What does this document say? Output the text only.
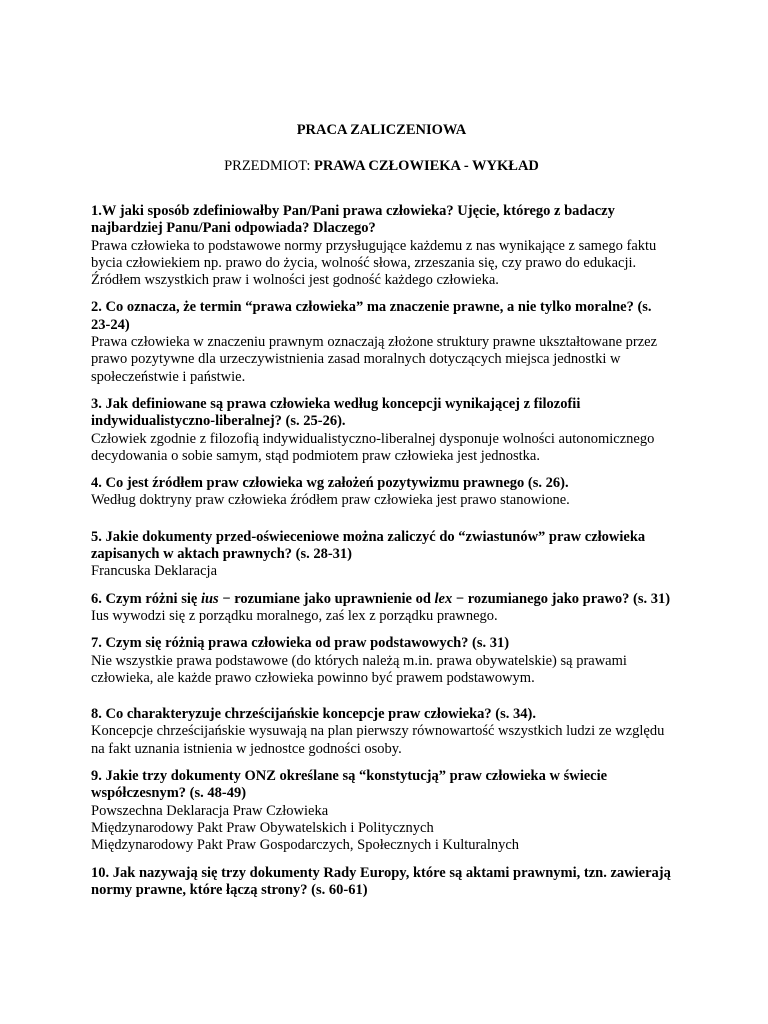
PRACA ZALICZENIOWA

PRZEDMIOT: PRAWA CZŁOWIEKA - WYKŁAD

1.W jaki sposób zdefiniowałby Pan/Pani prawa człowieka? Ujęcie, którego z badaczy najbardziej Panu/Pani odpowiada? Dlaczego?
Prawa człowieka to podstawowe normy przysługujące każdemu z nas wynikające z samego faktu bycia człowiekiem np. prawo do życia, wolność słowa, zrzeszania się, czy prawo do edukacji. Źródłem wszystkich praw i wolności jest godność każdego człowieka.
2. Co oznacza, że termin “prawa człowieka” ma znaczenie prawne, a nie tylko moralne? (s. 23-24)
Prawa człowieka w znaczeniu prawnym oznaczają złożone struktury prawne ukształtowane przez prawo pozytywne dla urzeczywistnienia zasad moralnych dotyczących miejsca jednostki w społeczeństwie i państwie.
3. Jak definiowane są prawa człowieka według koncepcji wynikającej z filozofii indywidualistyczno-liberalnej? (s. 25-26).
Człowiek zgodnie z filozofią indywidualistyczno-liberalnej dysponuje wolności autonomicznego decydowania o sobie samym, stąd podmiotem praw człowieka jest jednostka.
4. Co jest źródłem praw człowieka wg założeń pozytywizmu prawnego (s. 26).
Według doktryny praw człowieka źródłem praw człowieka jest prawo stanowione.
5. Jakie dokumenty przed-oświeceniowe można zaliczyć do “zwiastunów” praw człowieka zapisanych w aktach prawnych? (s. 28-31)
Francuska Deklaracja
6. Czym różni się ius − rozumiane jako uprawnienie od lex − rozumianego jako prawo? (s. 31)
Ius wywodzi się z porządku moralnego, zaś lex z porządku prawnego.
7. Czym się różnią prawa człowieka od praw podstawowych? (s. 31)
Nie wszystkie prawa podstawowe (do których należą m.in. prawa obywatelskie) są prawami człowieka, ale każde prawo człowieka powinno być prawem podstawowym.
8. Co charakteryzuje chrześcijańskie koncepcje praw człowieka? (s. 34).
Koncepcje chrześcijańskie wysuwają na plan pierwszy równowartość wszystkich ludzi ze względu na fakt uznania istnienia w jednostce godności osoby.
9. Jakie trzy dokumenty ONZ określane są “konstytucją” praw człowieka w świecie współczesnym? (s. 48-49)
Powszechna Deklaracja Praw Człowieka
Międzynarodowy Pakt Praw Obywatelskich i Politycznych
Międzynarodowy Pakt Praw Gospodarczych, Społecznych i Kulturalnych
10. Jak nazywają się trzy dokumenty Rady Europy, które są aktami prawnymi, tzn. zawierają normy prawne, które łączą strony? (s. 60-61)
